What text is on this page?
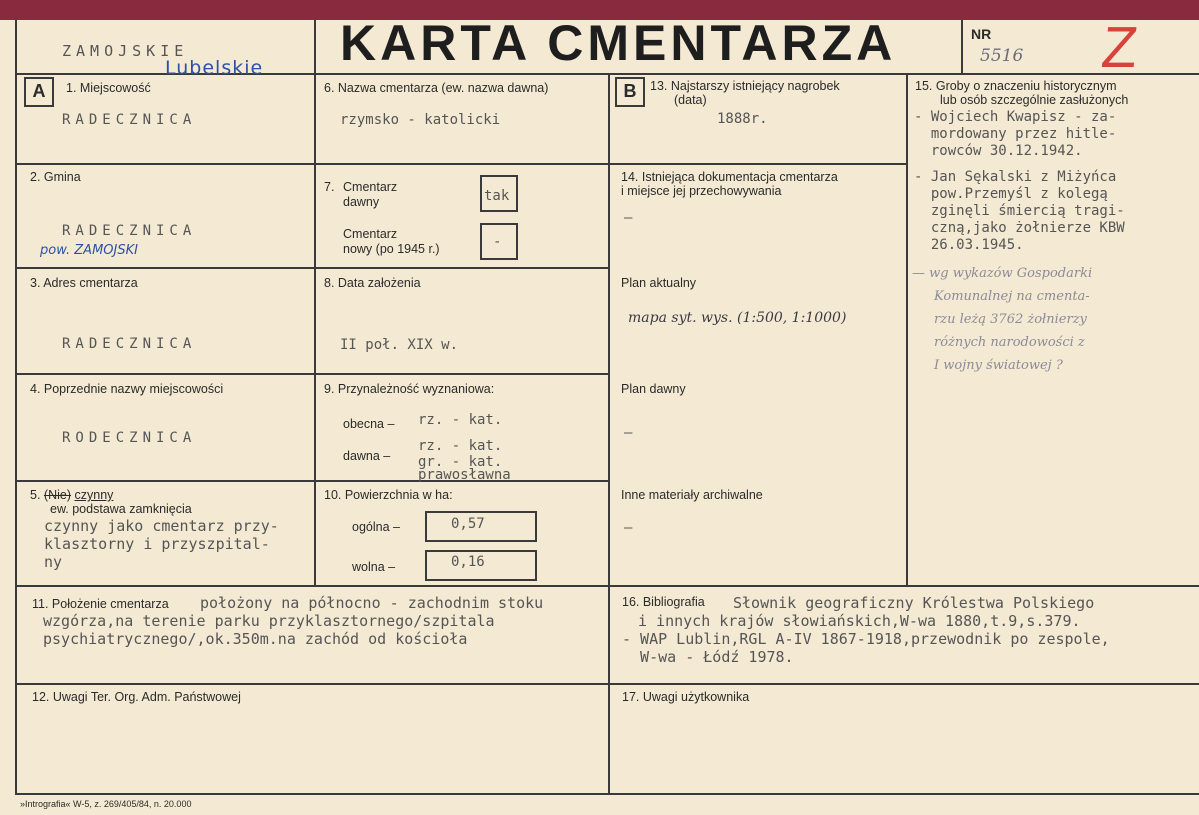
ZAMOJSKIE
Lubelskie KARTA CMENTARZA	NR
5516 Z
A	B
1. Miejscowość
RADECZNICA
2. Gmina
RADECZNICA
pow. ZAMOJSKI
3. Adres cmentarza
RADECZNICA
4. Poprzednie nazwy miejscowości
RODECZNICA
5. (Nie) czynny
ew. podstawa zamknięcia
czynny jako cmentarz przy-
klasztorny i przyszpital-
ny
6. Nazwa cmentarza (ew. nazwa dawna)
rzymsko - katolicki
7. Cmentarz
dawny	tak
Cmentarz
nowy (po 1945 r.)	-
8. Data założenia
II poł. XIX w.
9. Przynależność wyznaniowa:
obecna – rz. - kat.
dawna –
rz. - kat.
gr. - kat.
prawosławna
10. Powierzchnia w ha:
ogólna –	0,57
wolna –	0,16
11. Położenie cmentarza położony na północno - zachodnim stoku
wzgórza,na terenie parku przyklasztornego/szpitala
psychiatrycznego/,ok.350m.na zachód od kościoła
12. Uwagi Ter. Org. Adm. Państwowej
13. Najstarszy istniejący nagrobek
(data)
1888r.
14. Istniejąca dokumentacja cmentarza
i miejsce jej przechowywania
–
Plan aktualny
mapa syt. wys. (1:500, 1:1000)
Plan dawny
–
Inne materiały archiwalne
–
15. Groby o znaczeniu historycznym
lub osób szczególnie zasłużonych
- Wojciech Kwapisz - za-
mordowany przez hitle-
rowców 30.12.1942.
- Jan Sękalski z Miżyńca
pow.Przemyśl z kolegą
zginęli śmiercią tragi-
czną,jako żołnierze KBW
26.03.1945.
— wg wykazów Gospodarki
Komunalnej na cmenta-
rzu leżą 3762 żołnierzy
różnych narodowości z
I wojny światowej ?
16. Bibliografia Słownik geograficzny Królestwa Polskiego
i innych krajów słowiańskich,W-wa 1880,t.9,s.379.
- WAP Lublin,RGL A-IV 1867-1918,przewodnik po zespole,
W-wa - Łódź 1978.
17. Uwagi użytkownika
»Intrografia« W-5, z. 269/405/84, n. 20.000
